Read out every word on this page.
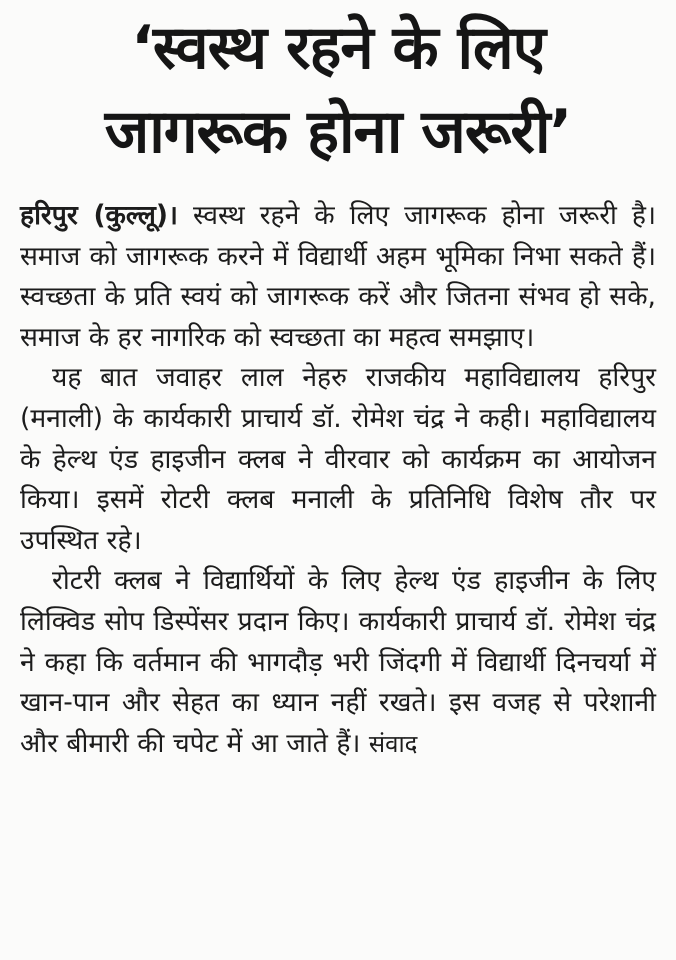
‘स्वस्थ रहने के लिए
जागरूक होना जरूरी’

हरिपुर (कुल्लू)। स्वस्थ रहने के लिए जागरूक होना जरूरी है। समाज को जागरूक करने में विद्यार्थी अहम भूमिका निभा सकते हैं। स्वच्छता के प्रति स्वयं को जागरूक करें और जितना संभव हो सके, समाज के हर नागरिक को स्वच्छता का महत्व समझाए।

यह बात जवाहर लाल नेहरु राजकीय महाविद्यालय हरिपुर (मनाली) के कार्यकारी प्राचार्य डॉ. रोमेश चंद्र ने कही। महाविद्यालय के हेल्थ एंड हाइजीन क्लब ने वीरवार को कार्यक्रम का आयोजन किया। इसमें रोटरी क्लब मनाली के प्रतिनिधि विशेष तौर पर उपस्थित रहे।

रोटरी क्लब ने विद्यार्थियों के लिए हेल्थ एंड हाइजीन के लिए लिक्विड सोप डिस्पेंसर प्रदान किए। कार्यकारी प्राचार्य डॉ. रोमेश चंद्र ने कहा कि वर्तमान की भागदौड़ भरी जिंदगी में विद्यार्थी दिनचर्या में खान-पान और सेहत का ध्यान नहीं रखते। इस वजह से परेशानी और बीमारी की चपेट में आ जाते हैं। संवाद
